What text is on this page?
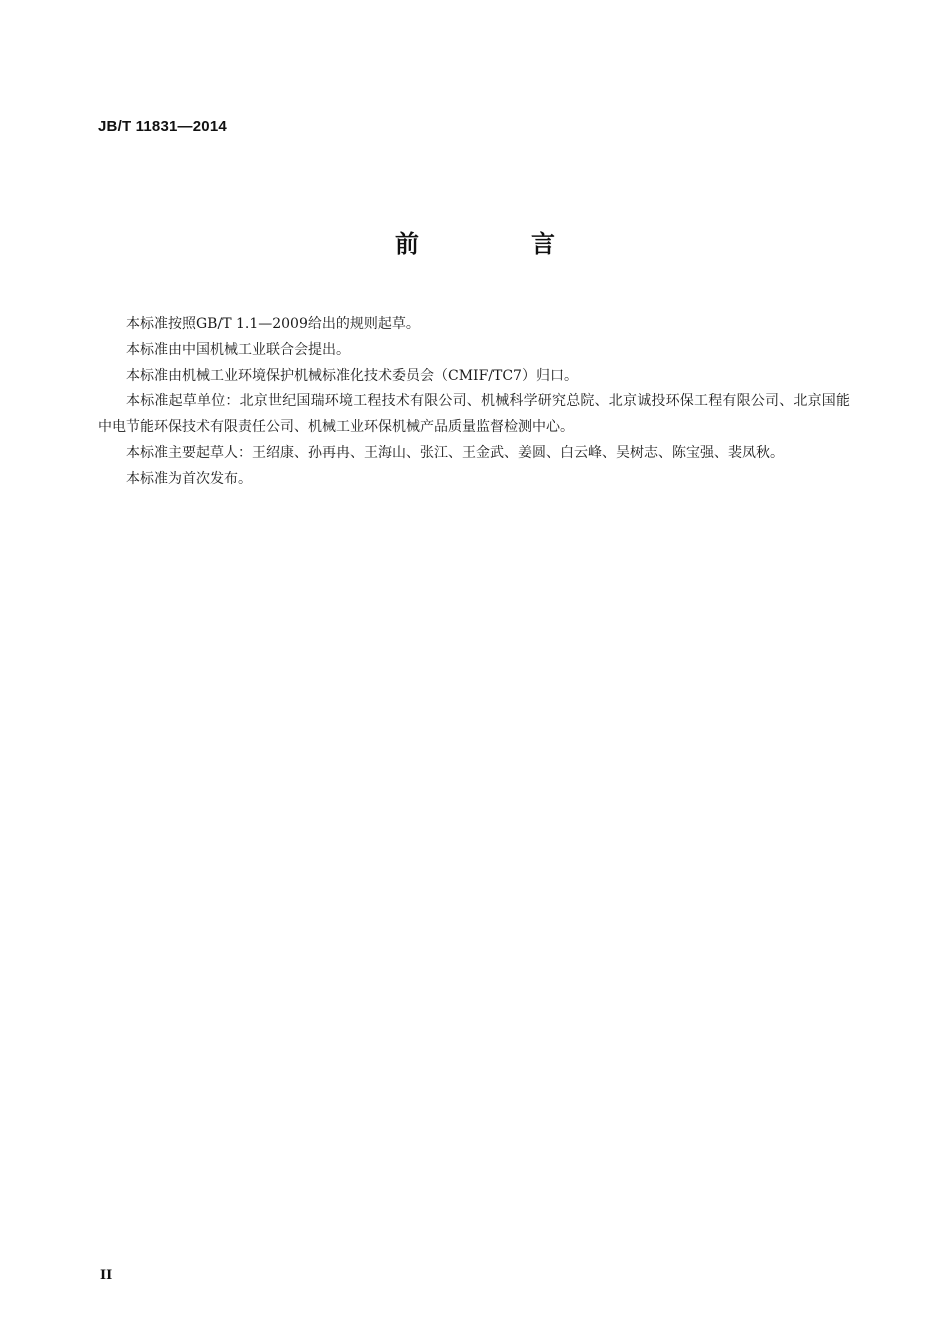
JB/T 11831—2014
前　言

本标准按照GB/T 1.1—2009给出的规则起草。

本标准由中国机械工业联合会提出。

本标准由机械工业环境保护机械标准化技术委员会（CMIF/TC7）归口。

本标准起草单位：北京世纪国瑞环境工程技术有限公司、机械科学研究总院、北京诚投环保工程有限公司、北京国能中电节能环保技术有限责任公司、机械工业环保机械产品质量监督检测中心。

本标准主要起草人：王绍康、孙再冉、王海山、张江、王金武、姜圆、白云峰、吴树志、陈宝强、裴凤秋。

本标准为首次发布。

II
